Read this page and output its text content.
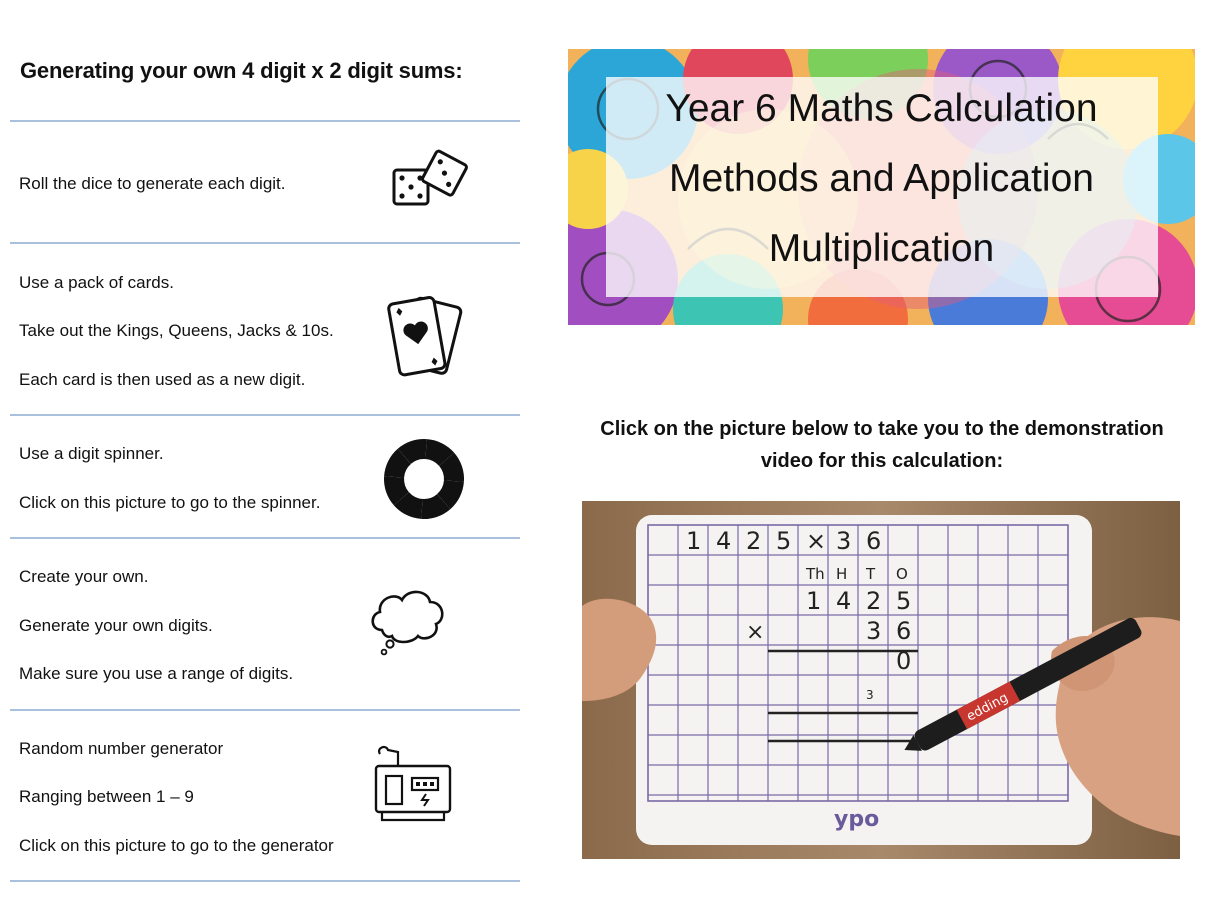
Generating your own 4 digit x 2 digit sums:
Roll the dice to generate each digit.
Use a pack of cards.
Take out the Kings, Queens, Jacks & 10s.
Each card is then used as a new digit.
Use a digit spinner.
Click on this picture to go to the spinner.
Create your own.
Generate your own digits.
Make sure you use a range of digits.
Random number generator
Ranging between 1 – 9
Click on this picture to go to the generator
Year 6 Maths Calculation
Methods and Application
Multiplication
Click on the picture below to take you to the demonstration
video for this calculation:
1 4 2 5 × 3 6
Th H T O
1 4 2 5
×	3 6
0
3	edding
ypo
